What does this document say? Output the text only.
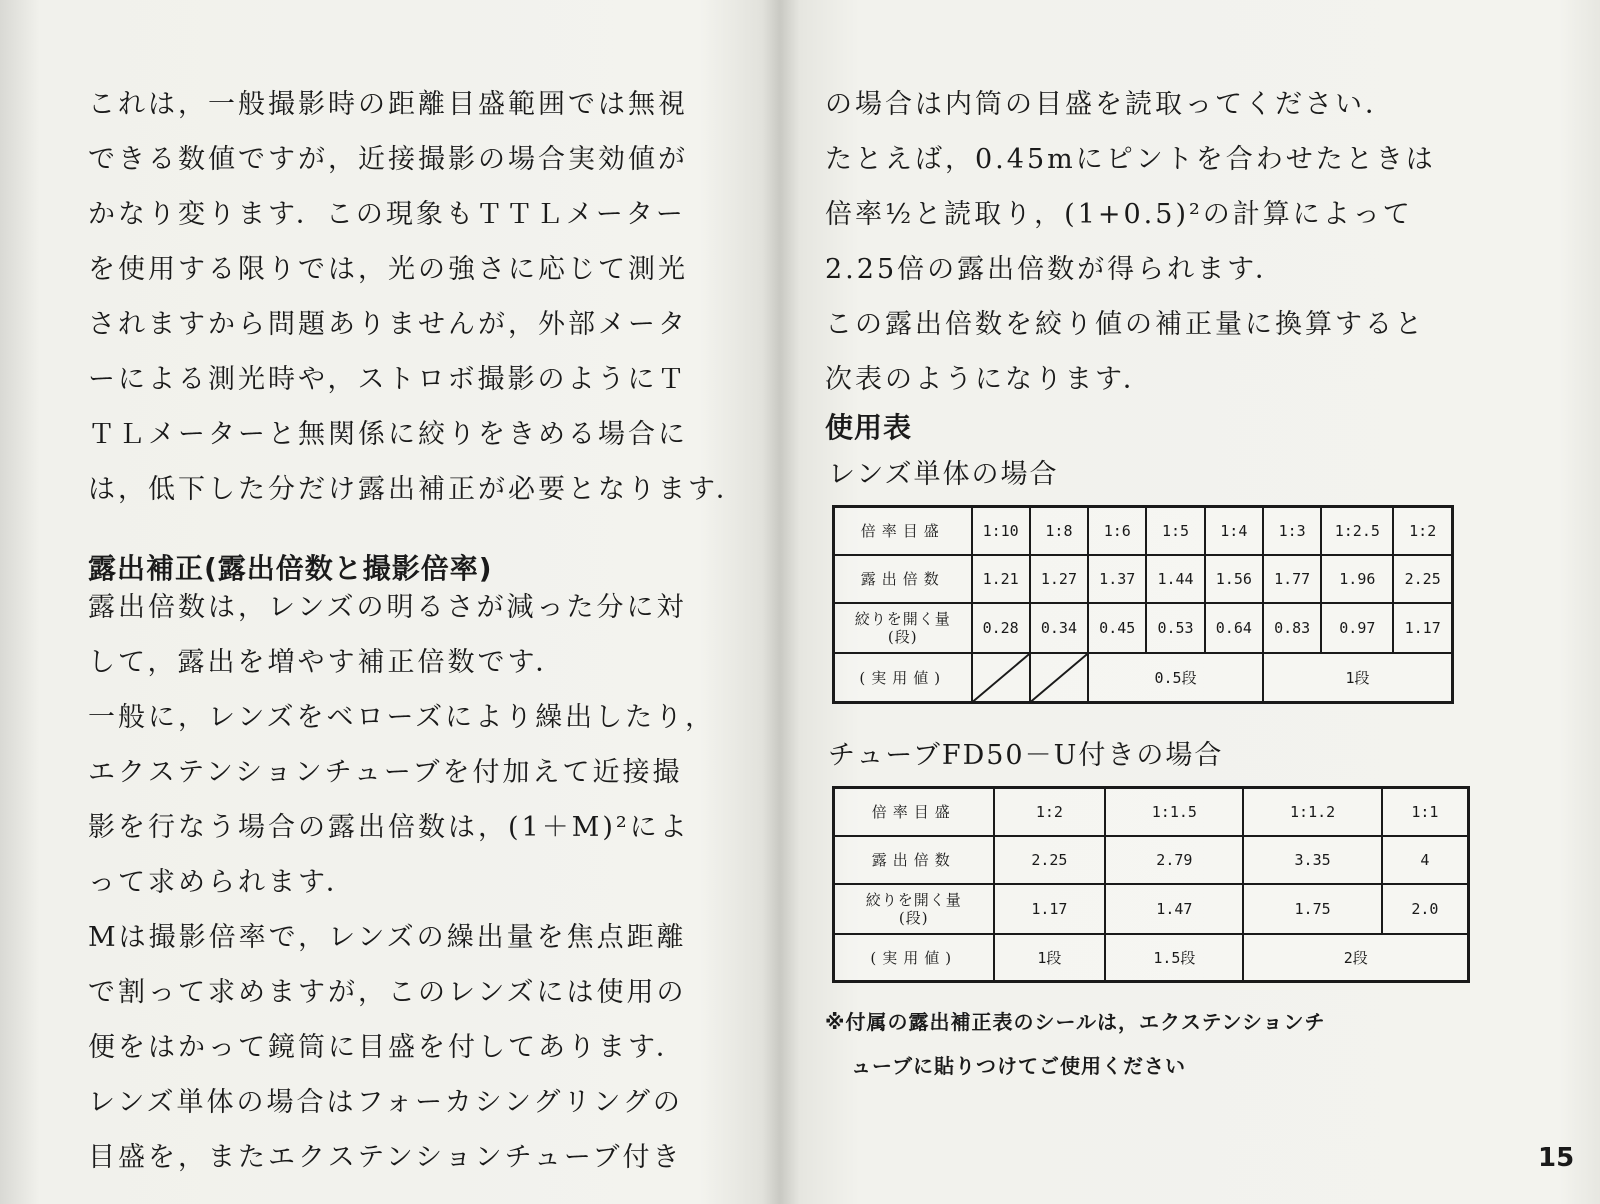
これは，一般撮影時の距離目盛範囲では無視
できる数値ですが，近接撮影の場合実効値が
かなり変ります．この現象もＴＴＬメーター
を使用する限りでは，光の強さに応じて測光
されますから問題ありませんが，外部メータ
ーによる測光時や，ストロボ撮影のようにＴ
ＴＬメーターと無関係に絞りをきめる場合に
は，低下した分だけ露出補正が必要となります．
露出補正(露出倍数と撮影倍率)
露出倍数は，レンズの明るさが減った分に対
して，露出を増やす補正倍数です．
一般に，レンズをベローズにより繰出したり，
エクステンションチューブを付加えて近接撮
影を行なう場合の露出倍数は，(1＋M)²によ
って求められます．
Mは撮影倍率で，レンズの繰出量を焦点距離
で割って求めますが，このレンズには使用の
便をはかって鏡筒に目盛を付してあります．
レンズ単体の場合はフォーカシングリングの
目盛を，またエクステンションチューブ付き
の場合は内筒の目盛を読取ってください．
たとえば，0.45mにピントを合わせたときは
倍率½と読取り，(1+0.5)²の計算によって
2.25倍の露出倍数が得られます．
この露出倍数を絞り値の補正量に換算すると
次表のようになります．
使用表
レンズ単体の場合
倍率目盛	1:10	1:8	1:6	1:5	1:4	1:3	1:2.5	1:2
露出倍数	1.21	1.27	1.37	1.44	1.56	1.77	1.96	2.25

絞りを開く量
(段)	0.28	0.34	0.45	0.53	0.64	0.83	0.97	1.17
(実用値)			0.5段			1段		
チューブFD50－U付きの場合
倍率目盛	1:2	1:1.5	1:1.2	1:1
露出倍数	2.25	2.79	3.35	4

絞りを開く量
(段)	1.17	1.47	1.75	2.0
(実用値)	1段	1.5段	2段	
※付属の露出補正表のシールは，エクステンションチ
ューブに貼りつけてご使用ください
15
